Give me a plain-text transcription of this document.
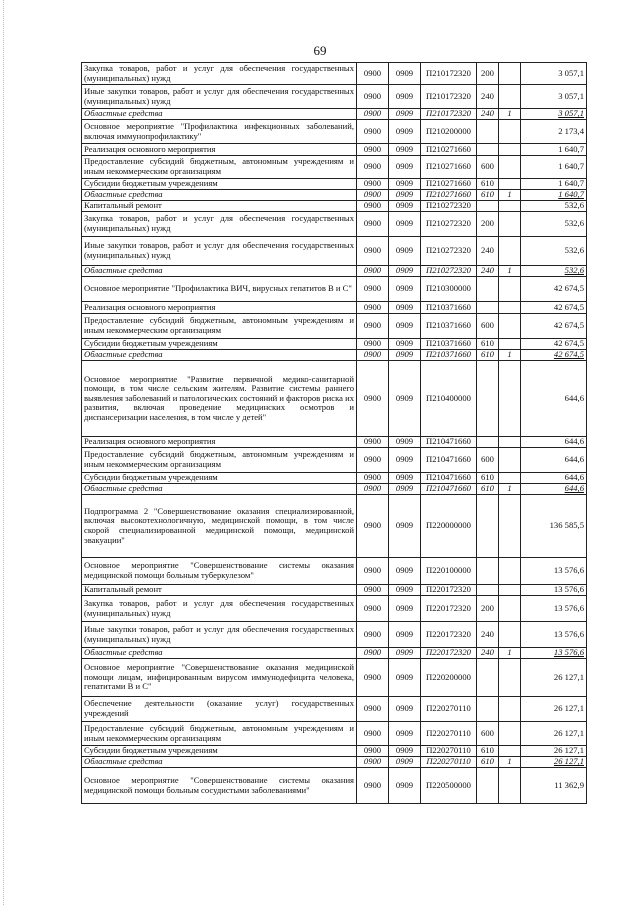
69
Закупка товаров, работ и услуг для обеспечения государственных (муниципальных) нужд	0900	0909	П210172320	200		3 057,1
Иные закупки товаров, работ и услуг для обеспечения государственных (муниципальных) нужд	0900	0909	П210172320	240		3 057,1
Областные средства	0900	0909	П210172320	240	1	3 057,1
Основное мероприятие "Профилактика инфекционных заболеваний, включая иммунопрофилактику"	0900	0909	П210200000			2 173,4
Реализация основного мероприятия	0900	0909	П210271660			1 640,7
Предоставление субсидий бюджетным, автономным учреждениям и иным некоммерческим организациям	0900	0909	П210271660	600		1 640,7
Субсидии бюджетным учреждениям	0900	0909	П210271660	610		1 640,7
Областные средства	0900	0909	П210271660	610	1	1 640,7
Капитальный ремонт	0900	0909	П210272320			532,6
Закупка товаров, работ и услуг для обеспечения государственных (муниципальных) нужд	0900	0909	П210272320	200		532,6
Иные закупки товаров, работ и услуг для обеспечения государственных (муниципальных) нужд	0900	0909	П210272320	240		532,6
Областные средства	0900	0909	П210272320	240	1	532,6
Основное мероприятие "Профилактика ВИЧ, вирусных гепатитов В и С"	0900	0909	П210300000			42 674,5
Реализация основного мероприятия	0900	0909	П210371660			42 674,5
Предоставление субсидий бюджетным, автономным учреждениям и иным некоммерческим организациям	0900	0909	П210371660	600		42 674,5
Субсидии бюджетным учреждениям	0900	0909	П210371660	610		42 674,5
Областные средства	0900	0909	П210371660	610	1	42 674,5
Основное мероприятие "Развитие первичной медико-санитарной помощи, в том числе сельским жителям. Развитие системы раннего выявления заболеваний и патологических состояний и факторов риска их развития, включая проведение медицинских осмотров и диспансеризации населения, в том числе у детей"	0900	0909	П210400000			644,6
Реализация основного мероприятия	0900	0909	П210471660			644,6
Предоставление субсидий бюджетным, автономным учреждениям и иным некоммерческим организациям	0900	0909	П210471660	600		644,6
Субсидии бюджетным учреждениям	0900	0909	П210471660	610		644,6
Областные средства	0900	0909	П210471660	610	1	644,6
Подпрограмма 2 "Совершенствование оказания специализированной, включая высокотехнологичную, медицинской помощи, в том числе скорой специализированной медицинской помощи, медицинской эвакуации"	0900	0909	П220000000			136 585,5
Основное мероприятие "Совершенствование системы оказания медицинской помощи больным туберкулезом"	0900	0909	П220100000			13 576,6
Капитальный ремонт	0900	0909	П220172320			13 576,6
Закупка товаров, работ и услуг для обеспечения государственных (муниципальных) нужд	0900	0909	П220172320	200		13 576,6
Иные закупки товаров, работ и услуг для обеспечения государственных (муниципальных) нужд	0900	0909	П220172320	240		13 576,6
Областные средства	0900	0909	П220172320	240	1	13 576,6
Основное мероприятие "Совершенствование оказания медицинской помощи лицам, инфицированным вирусом иммунодефицита человека, гепатитами В и С"	0900	0909	П220200000			26 127,1
Обеспечение деятельности (оказание услуг) государственных учреждений	0900	0909	П220270110			26 127,1
Предоставление субсидий бюджетным, автономным учреждениям и иным некоммерческим организациям	0900	0909	П220270110	600		26 127,1
Субсидии бюджетным учреждениям	0900	0909	П220270110	610		26 127,1
Областные средства	0900	0909	П220270110	610	1	26 127,1
Основное мероприятие "Совершенствование системы оказания медицинской помощи больным сосудистыми заболеваниями"	0900	0909	П220500000			11 362,9
